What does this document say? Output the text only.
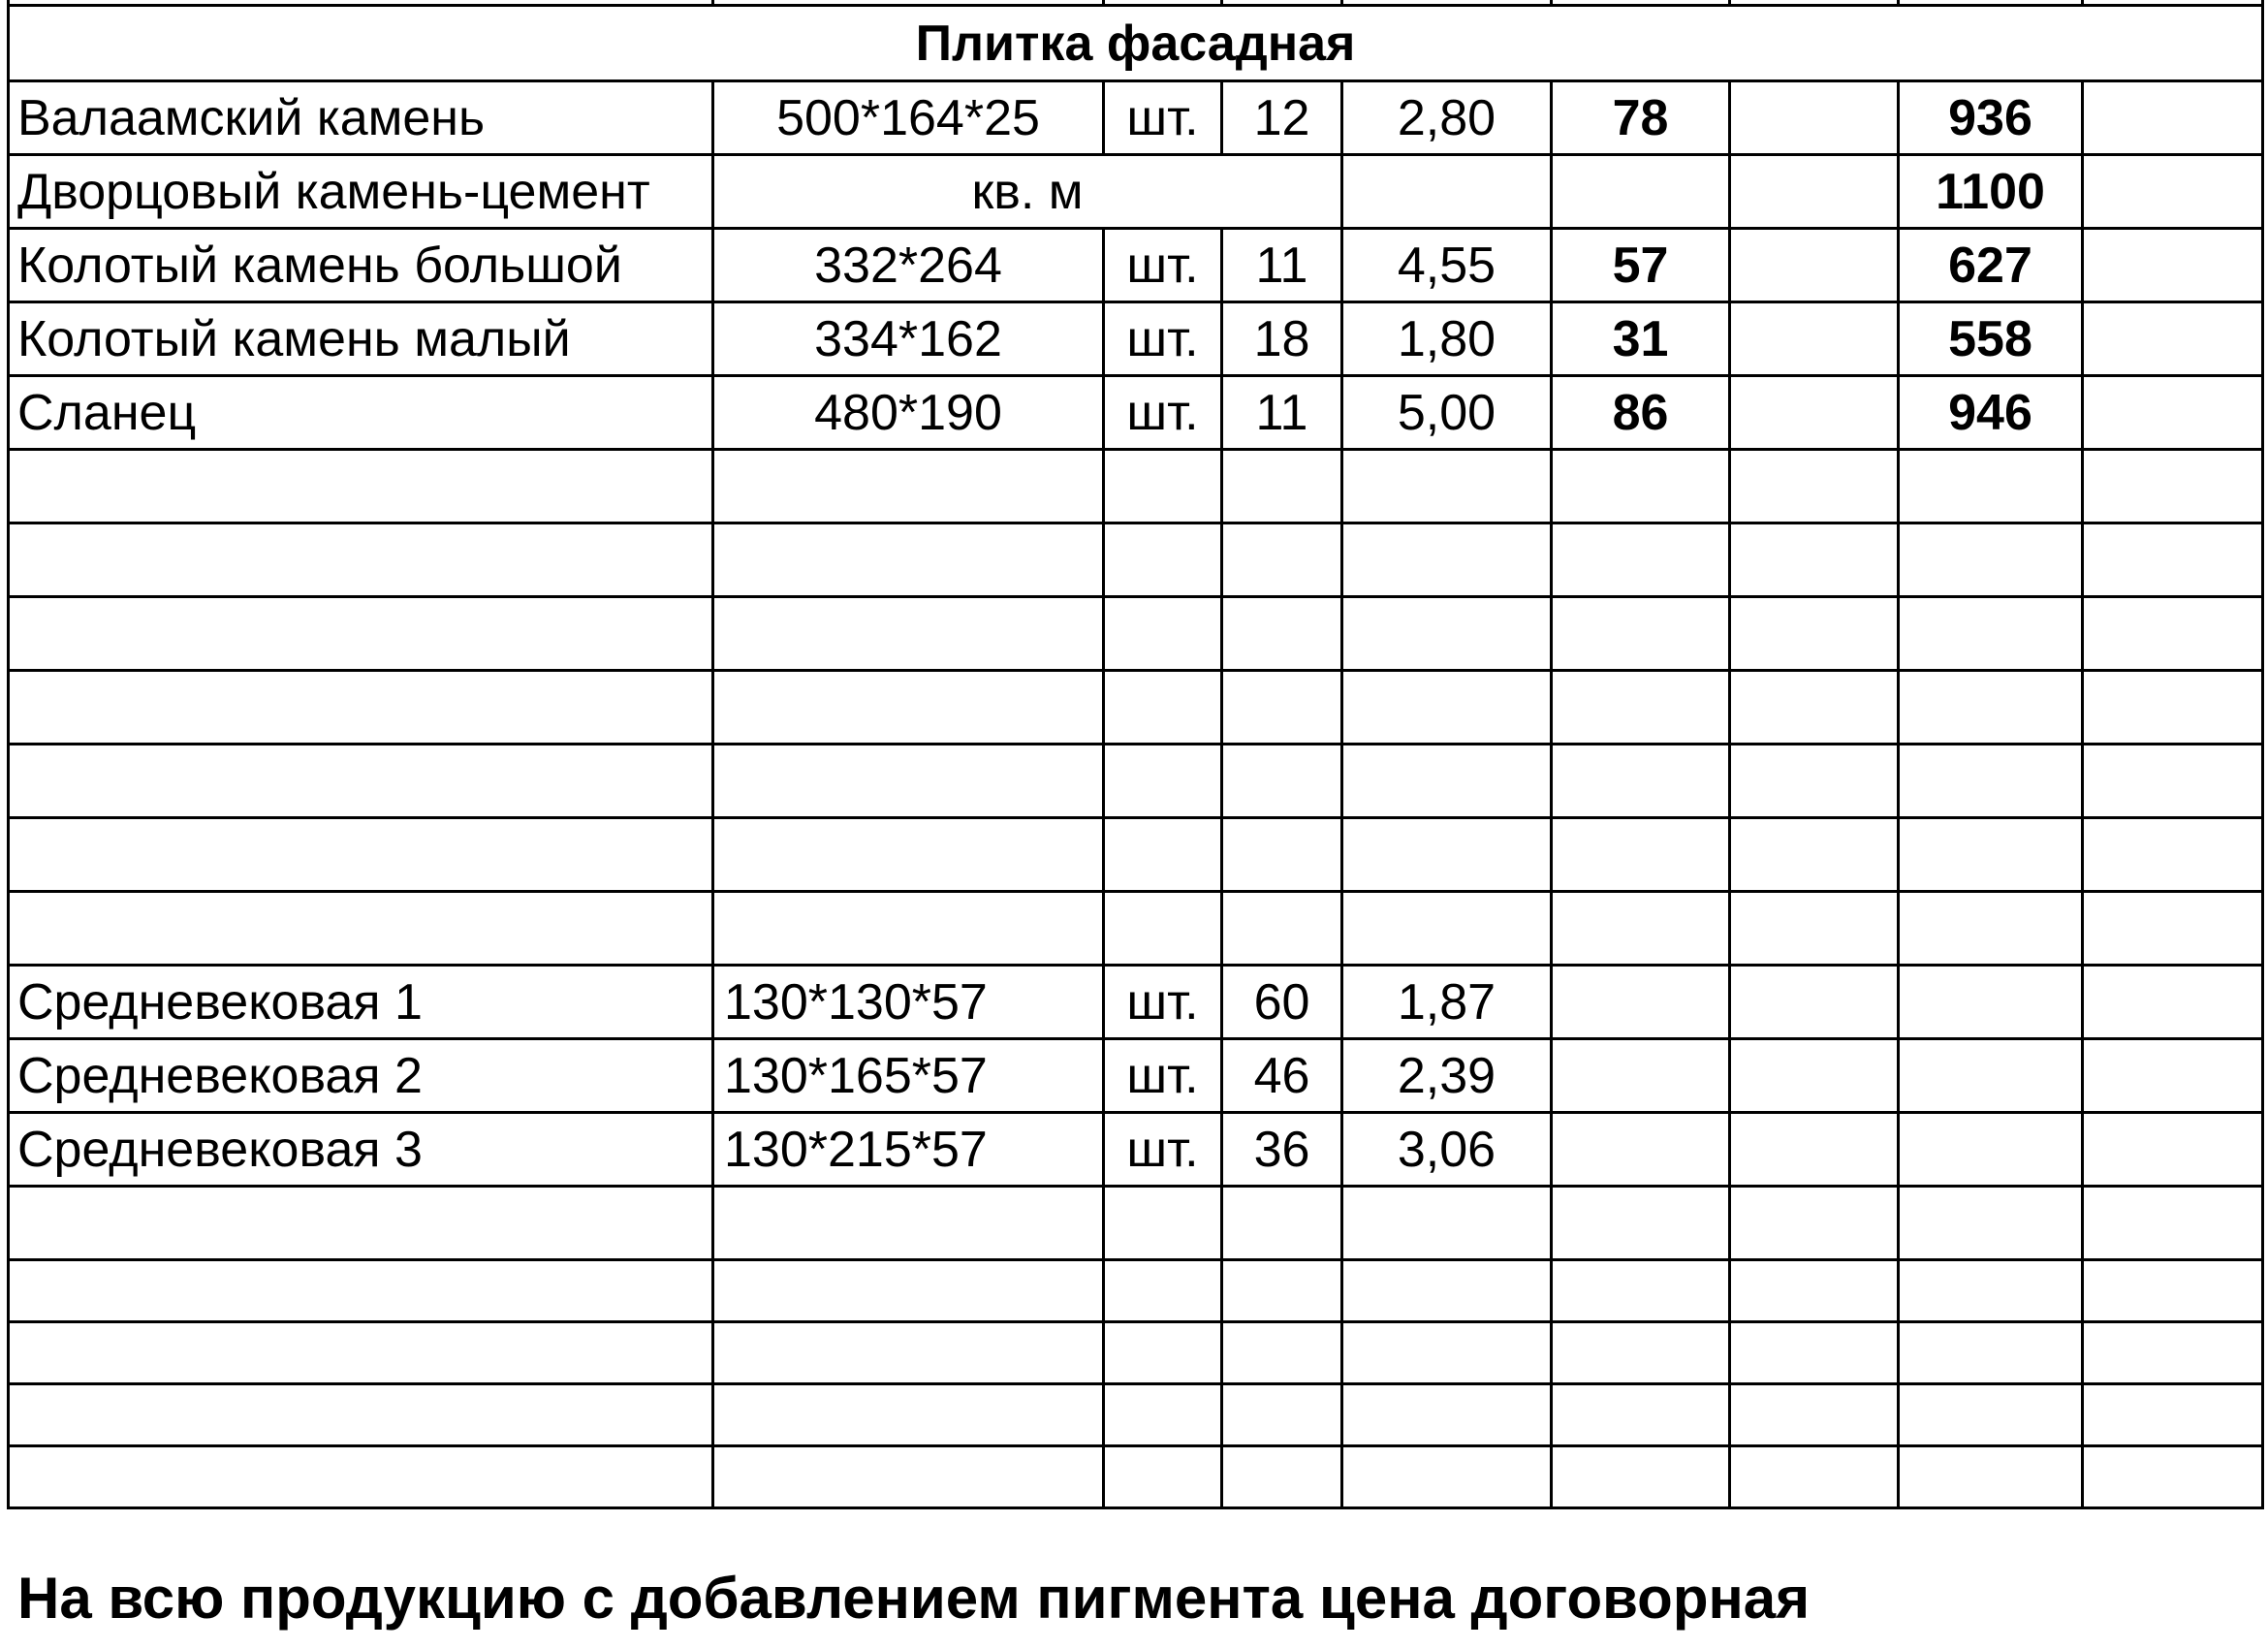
Плитка фасадная								
Валаамский камень	500*164*25	шт.	12	2,80	78		936	
Дворцовый камень-цемент	кв. м						1100	
Колотый камень большой	332*264	шт.	11	4,55	57		627	
Колотый камень малый	334*162	шт.	18	1,80	31		558	
Сланец	480*190	шт.	11	5,00	86		946	

Средневековая 1	130*130*57	шт.	60	1,87				
Средневековая 2	130*165*57	шт.	46	2,39				
Средневековая 3	130*215*57	шт.	36	3,06				

На всю продукцию с добавлением пигмента цена договорная
